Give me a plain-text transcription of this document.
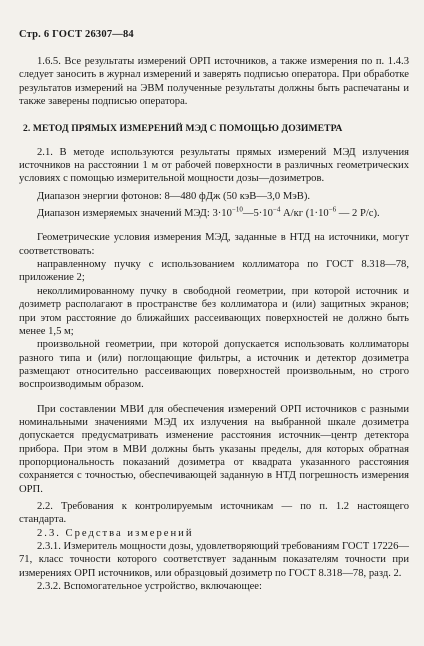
Стр. 6 ГОСТ 26307—84

1.6.5. Все результаты измерений ОРП источников, а также измерения по п. 1.4.3 следует заносить в журнал измерений и заверять подписью оператора. При обработке результатов измерений на ЭВМ полученные результаты должны быть распечатаны и также заверены подписью оператора.

2. МЕТОД ПРЯМЫХ ИЗМЕРЕНИЙ МЭД С ПОМОЩЬЮ ДОЗИМЕТРА

2.1. В методе используются результаты прямых измерений МЭД излучения источников на расстоянии 1 м от рабочей поверхности в различных геометрических условиях с помощью измерительной мощности дозы—дозиметров.

Диапазон энергии фотонов: 8—480 фДж (50 кэВ—3,0 МэВ).

Диапазон измеряемых значений МЭД: $3\cdot 10^{-10}—5\cdot 10^{-4}$ А/кг ($1\cdot 10^{-6}$ — 2 Р/с).

Геометрические условия измерения МЭД, заданные в НТД на источники, могут соответствовать:

направленному пучку с использованием коллиматора по ГОСТ 8.318—78, приложение 2;

неколлимированному пучку в свободной геометрии, при которой источник и дозиметр располагают в пространстве без коллиматора и (или) защитных экранов; при этом расстояние до ближайших рассеивающих поверхностей не должно быть менее 1,5 м;

произвольной геометрии, при которой допускается использовать коллиматоры разного типа и (или) поглощающие фильтры, а источник и детектор дозиметра размещают относительно рассеивающих поверхностей произвольным, но строго воспроизводимым образом.

При составлении МВИ для обеспечения измерений ОРП источников с разными номинальными значениями МЭД их излучения на выбранной шкале дозиметра допускается предусматривать изменение расстояния источник—центр детектора прибора. При этом в МВИ должны быть указаны пределы, для которых обратная пропорциональность показаний дозиметра от квадрата указанного расстояния сохраняется с точностью, обеспечивающей заданную в НТД погрешность измерения ОРП.

2.2. Требования к контролируемым источникам — по п. 1.2 настоящего стандарта.

2.3. Средства измерений

2.3.1. Измеритель мощности дозы, удовлетворяющий требованиям ГОСТ 17226—71, класс точности которого соответствует заданным показателям точности при измерениях ОРП источников, или образцовый дозиметр по ГОСТ 8.318—78, разд. 2.

2.3.2. Вспомогательное устройство, включающее:
